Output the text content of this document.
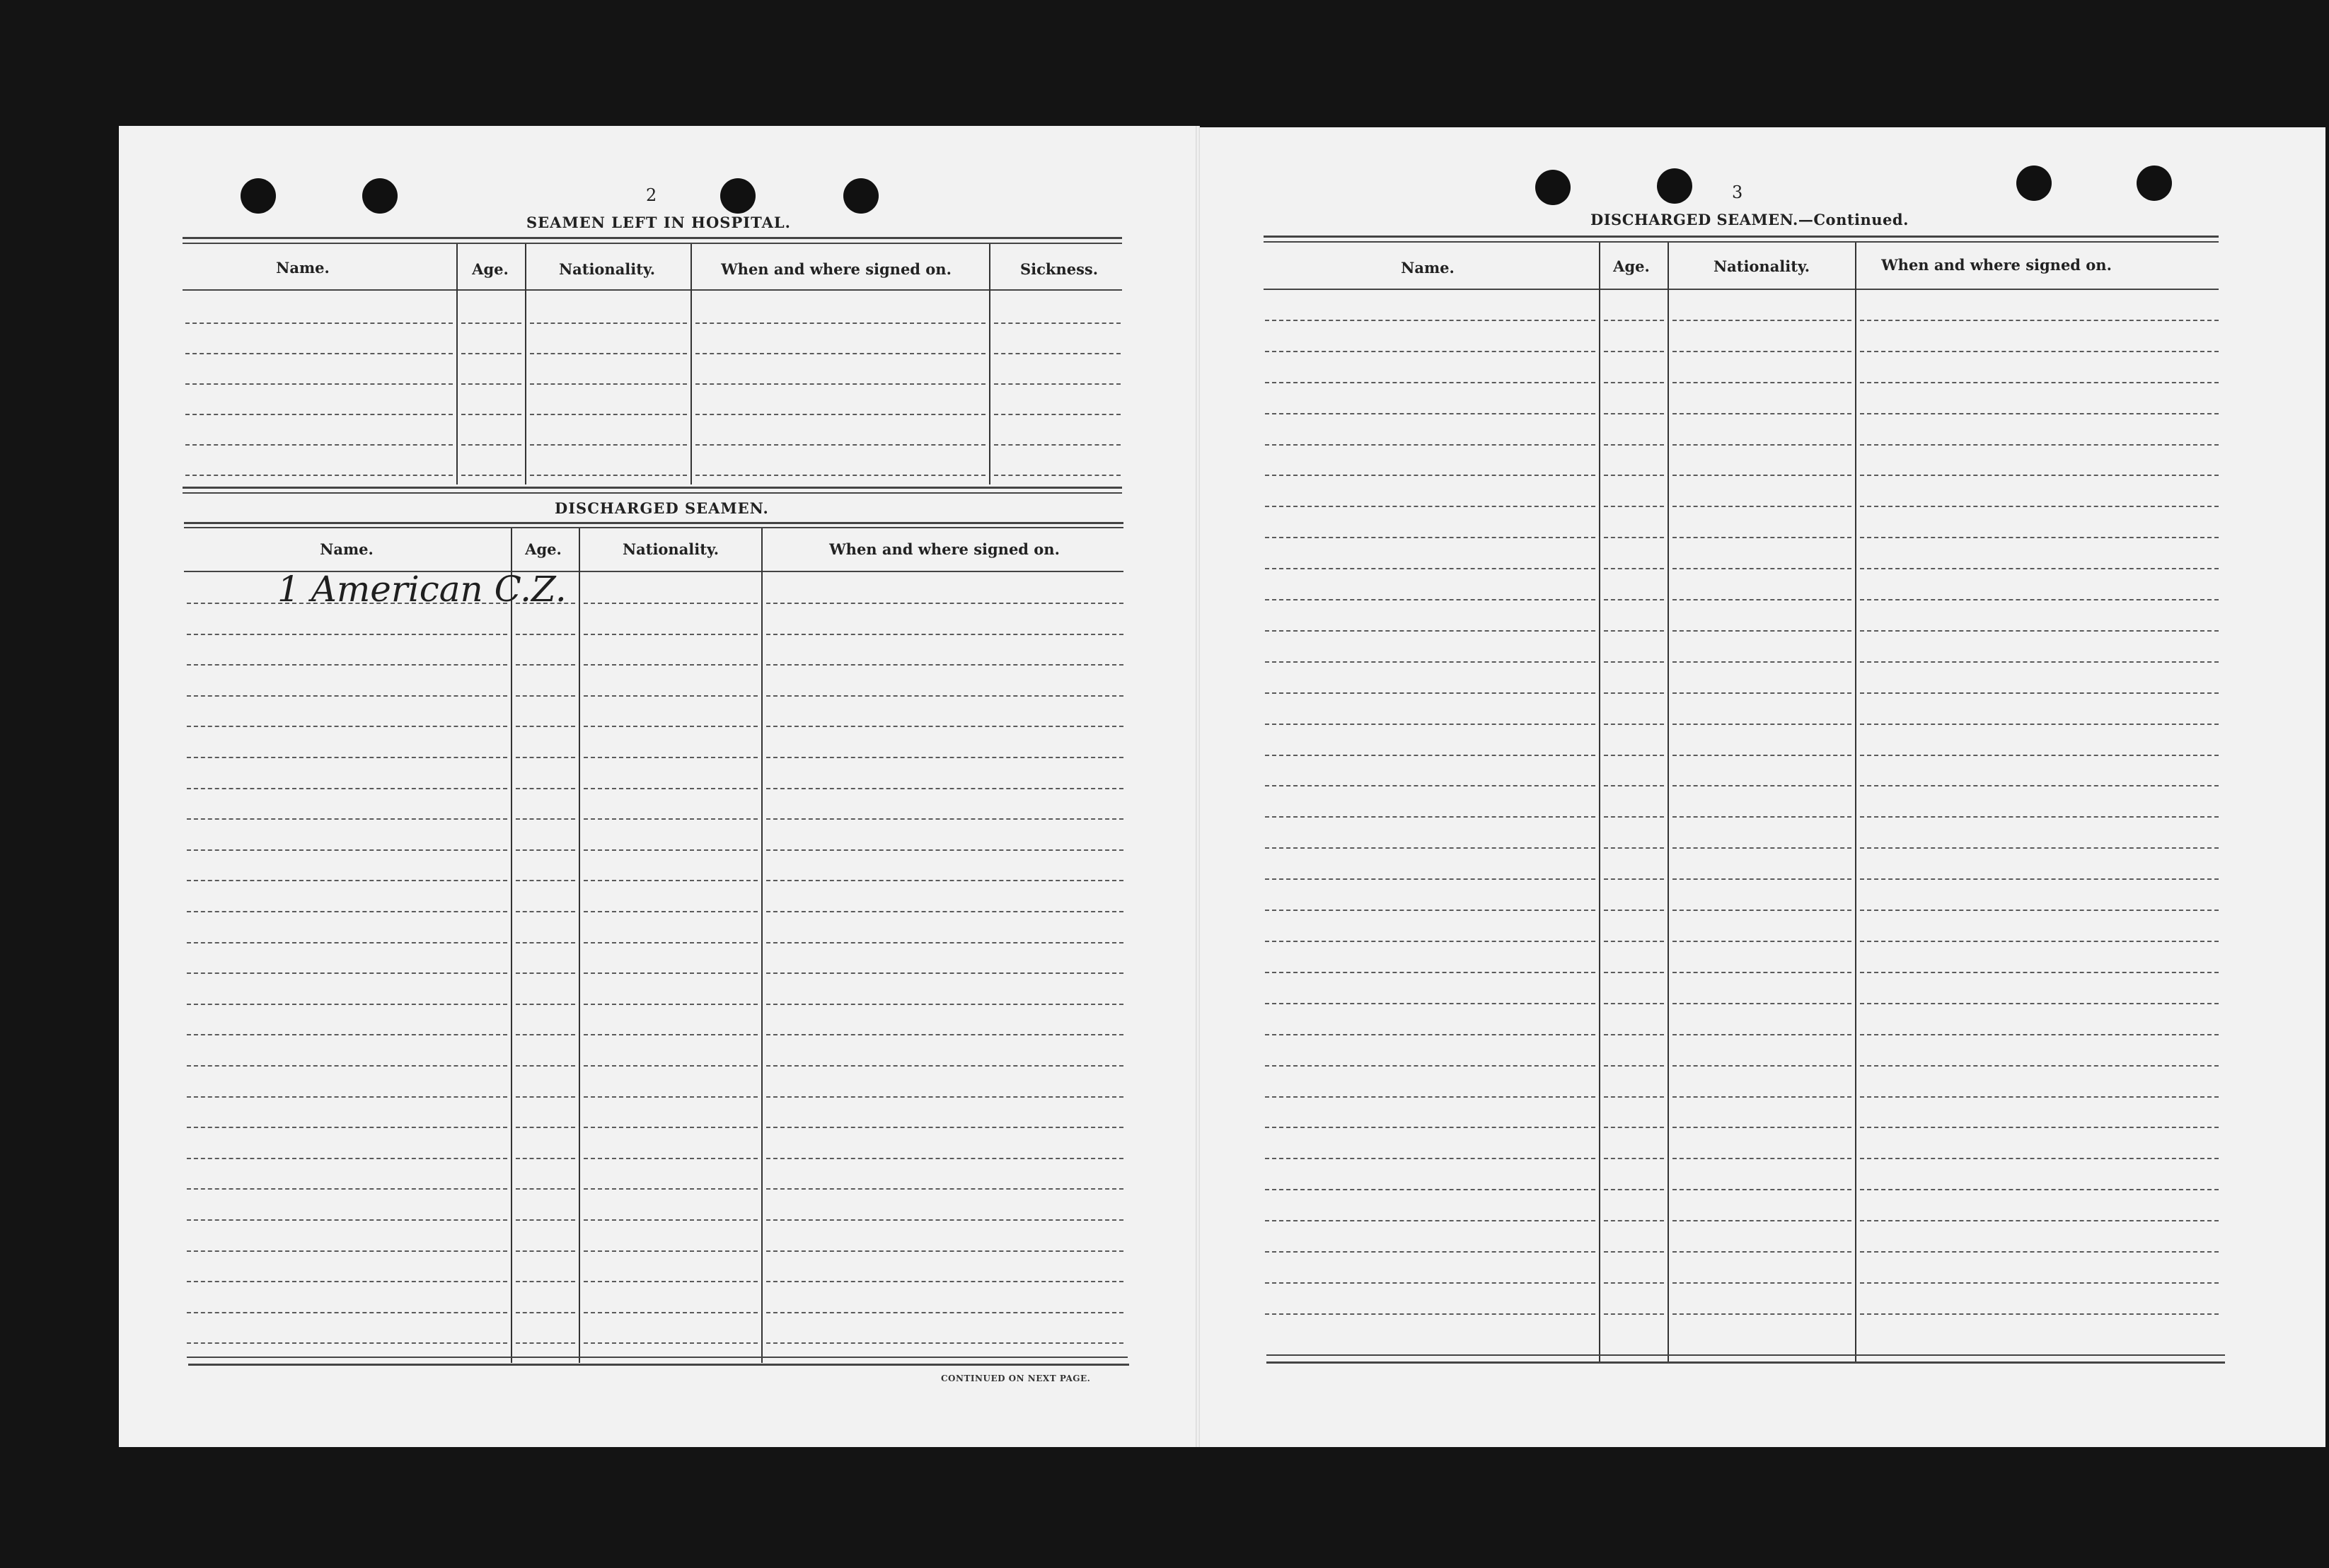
2
SEAMEN LEFT IN HOSPITAL.
Name.	Age.	Nationality.	When and where signed on.	Sickness.
DISCHARGED SEAMEN.
Name.	Age.	Nationality.	When and where signed on.
1 American C.Z.
CONTINUED ON NEXT PAGE.
3
DISCHARGED SEAMEN.—Continued.
Name.	Age.	Nationality.	When and where signed on.
